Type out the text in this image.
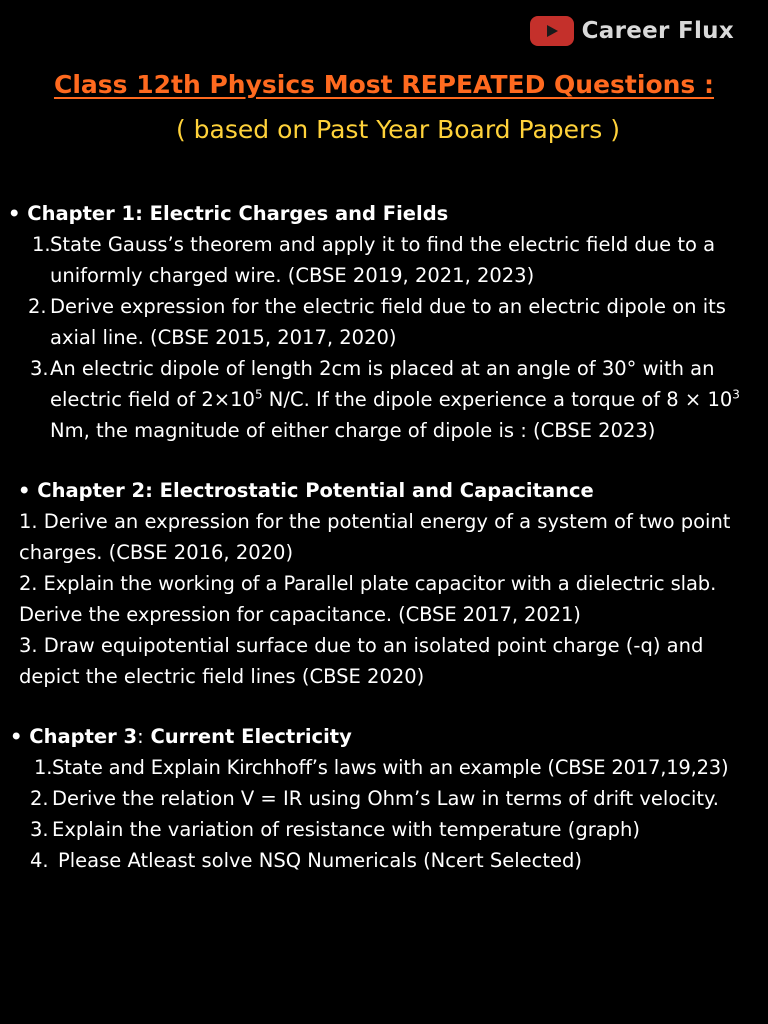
Career Flux
Class 12th Physics Most REPEATED Questions :
( based on Past Year Board Papers )
• Chapter 1: Electric Charges and Fields
1. State Gauss’s theorem and apply it to find the electric field due to a uniformly charged wire. (CBSE 2019, 2021, 2023)
2. Derive expression for the electric field due to an electric dipole on its axial line. (CBSE 2015, 2017, 2020)
3. An electric dipole of length 2cm is placed at an angle of 30° with an electric field of $2\times 10^5$ N/C. If the dipole experience a torque of $8 \times 10^3$ Nm, the magnitude of either charge of dipole is : (CBSE 2023)
• Chapter 2: Electrostatic Potential and Capacitance
1. Derive an expression for the potential energy of a system of two point charges. (CBSE 2016, 2020)
2. Explain the working of a Parallel plate capacitor with a dielectric slab. Derive the expression for capacitance. (CBSE 2017, 2021)
3. Draw equipotential surface due to an isolated point charge (-q) and depict the electric field lines (CBSE 2020)
• Chapter 3: Current Electricity
1. State and Explain Kirchhoff’s laws with an example (CBSE 2017,19,23)
2. Derive the relation V = IR using Ohm’s Law in terms of drift velocity.
3. Explain the variation of resistance with temperature (graph)
4. Please Atleast solve NSQ Numericals (Ncert Selected)
